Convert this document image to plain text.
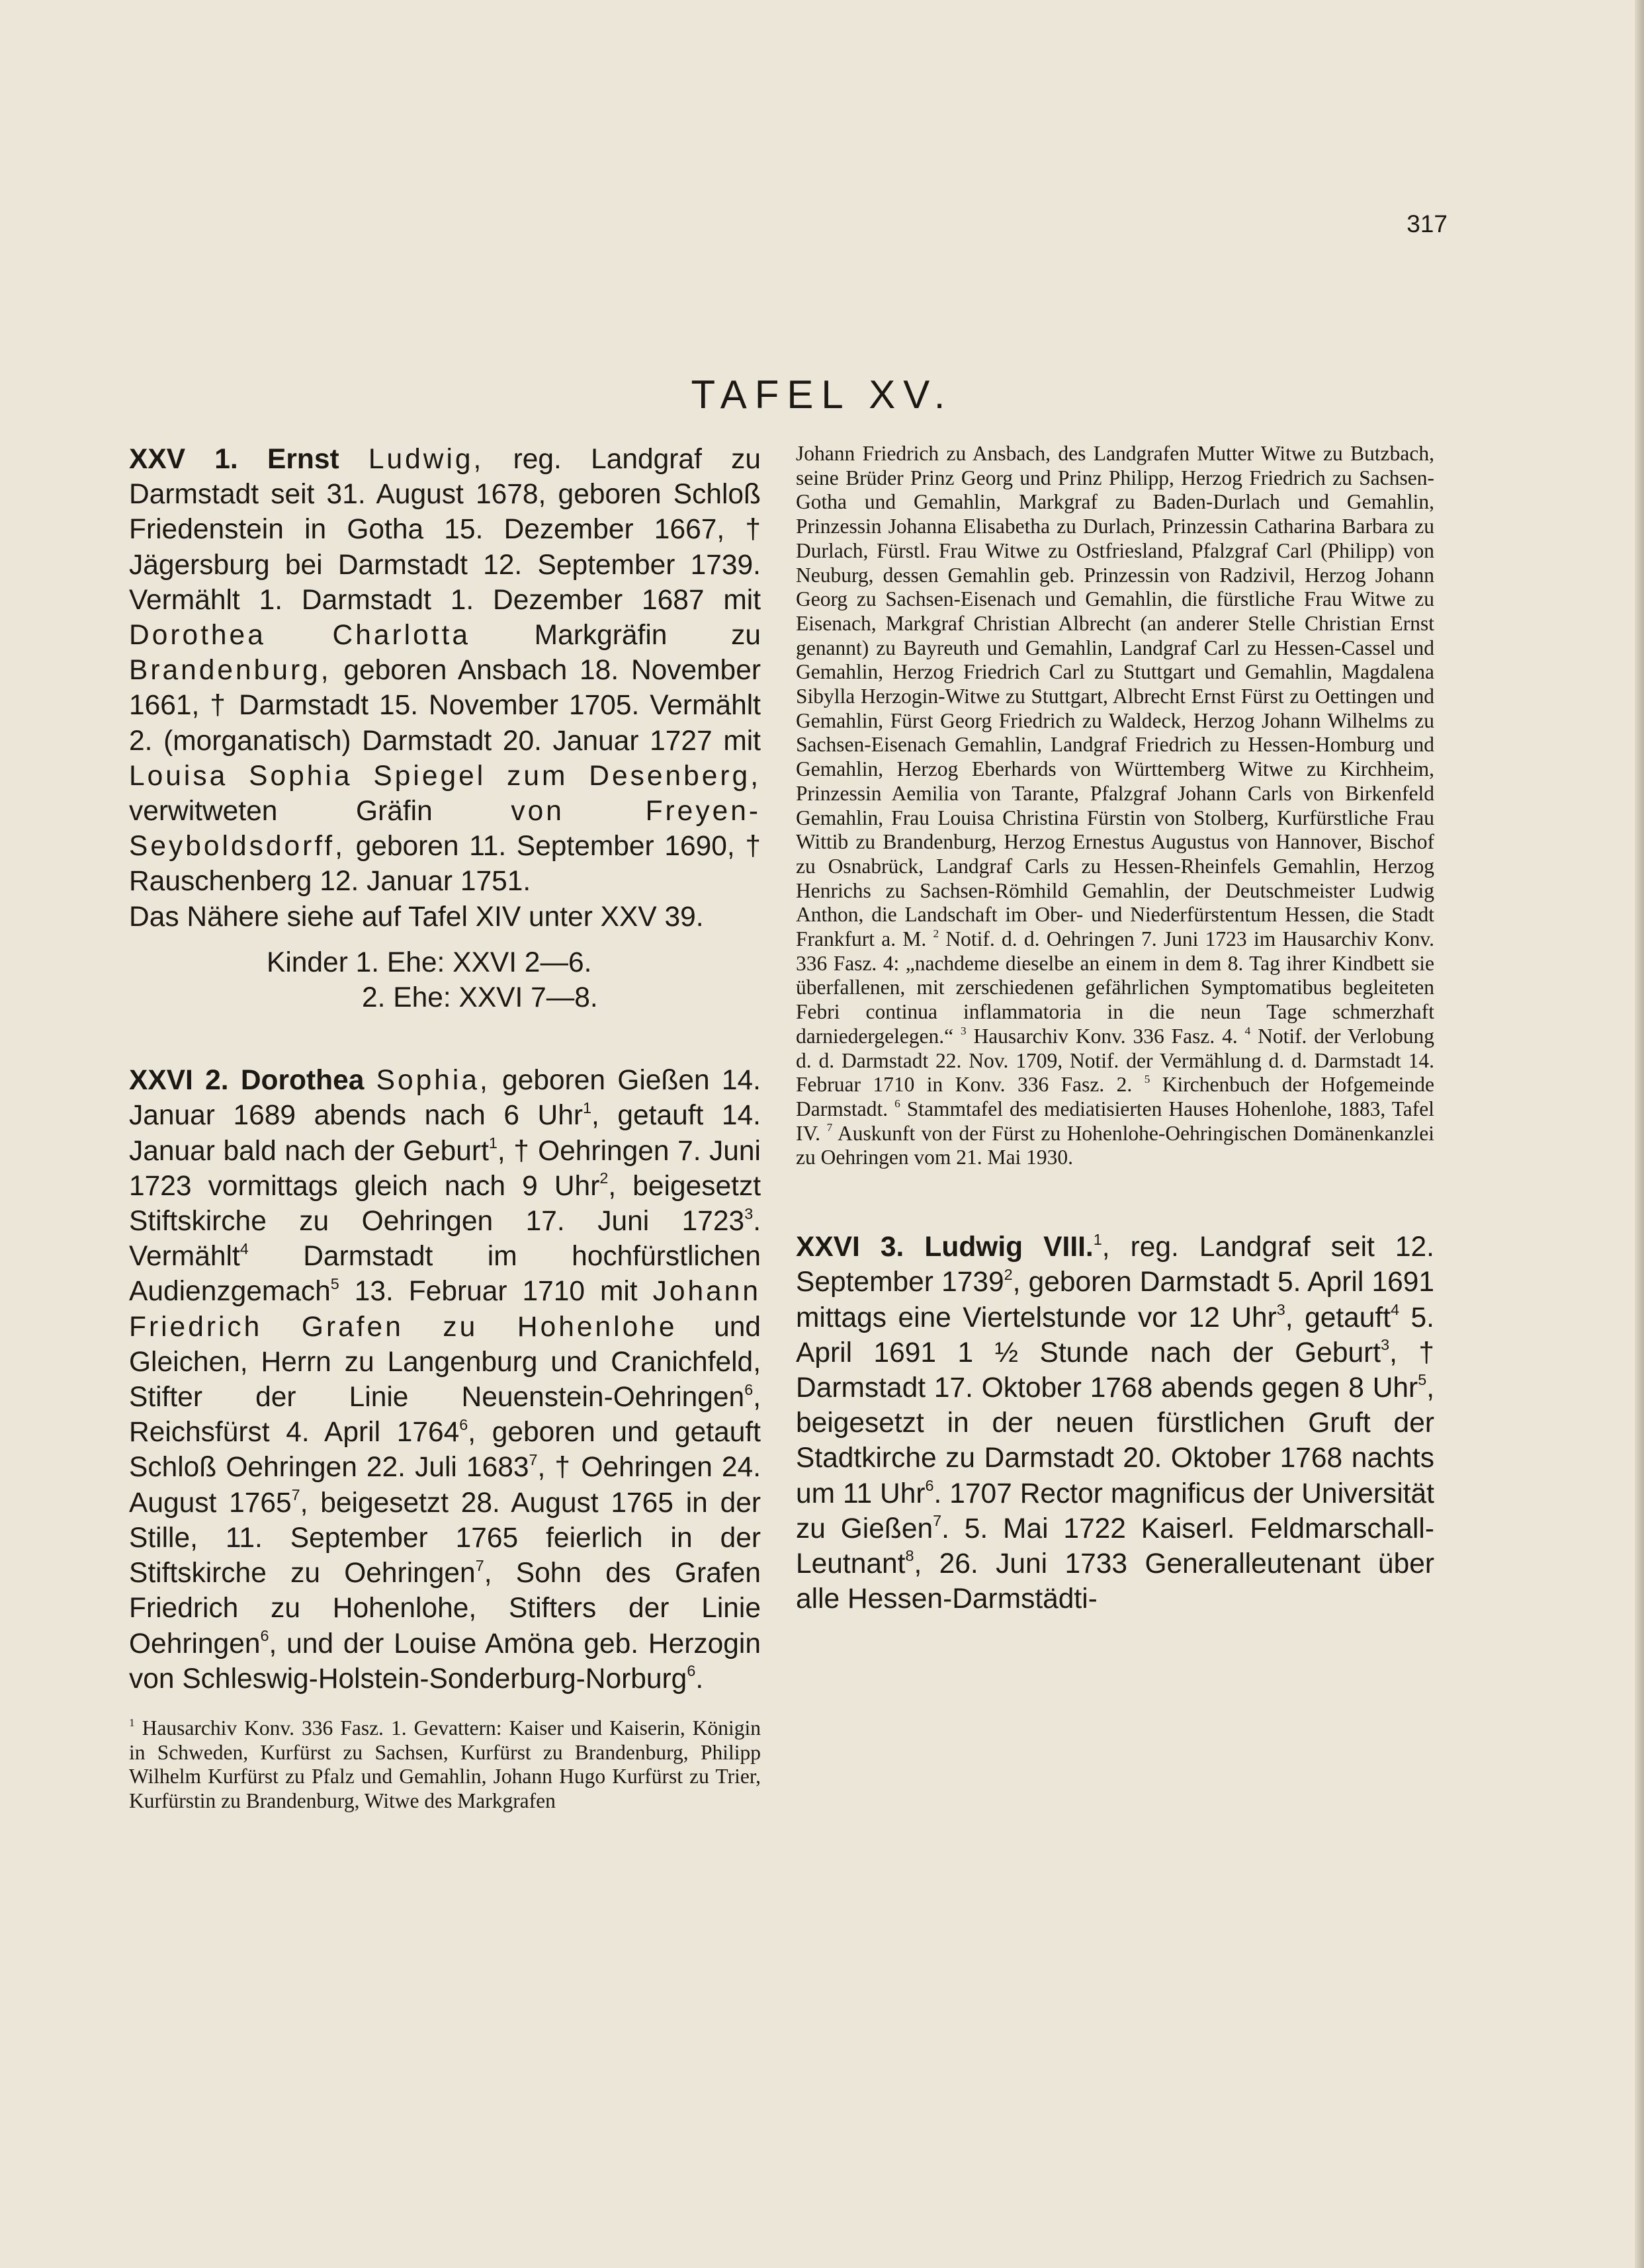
317
TAFEL XV.

XXV 1. Ernst Ludwig, reg. Landgraf zu Darmstadt seit 31. August 1678, geboren Schloß Friedenstein in Gotha 15. Dezember 1667, † Jägersburg bei Darmstadt 12. September 1739. Vermählt 1. Darmstadt 1. Dezember 1687 mit Dorothea Charlotta Markgräfin zu Brandenburg, geboren Ansbach 18. November 1661, † Darmstadt 15. November 1705. Vermählt 2. (morganatisch) Darmstadt 20. Januar 1727 mit Louisa Sophia Spiegel zum Desenberg, verwitweten Gräfin von Freyen-Seyboldsdorff, geboren 11. September 1690, † Rauschenberg 12. Januar 1751.

Das Nähere siehe auf Tafel XIV unter XXV 39.

Kinder 1. Ehe: XXVI 2—6.
2. Ehe: XXVI 7—8.

XXVI 2. Dorothea Sophia, geboren Gießen 14. Januar 1689 abends nach 6 Uhr$^1$, getauft 14. Januar bald nach der Geburt$^1$, † Oehringen 7. Juni 1723 vormittags gleich nach 9 Uhr$^2$, beigesetzt Stiftskirche zu Oehringen 17. Juni 1723$^3$. Vermählt$^4$ Darmstadt im hochfürstlichen Audienzgemach$^5$ 13. Februar 1710 mit Johann Friedrich Grafen zu Hohenlohe und Gleichen, Herrn zu Langenburg und Cranichfeld, Stifter der Linie Neuenstein-Oehringen$^6$, Reichsfürst 4. April 1764$^6$, geboren und getauft Schloß Oehringen 22. Juli 1683$^7$, † Oehringen 24. August 1765$^7$, beigesetzt 28. August 1765 in der Stille, 11. September 1765 feierlich in der Stiftskirche zu Oehringen$^7$, Sohn des Grafen Friedrich zu Hohenlohe, Stifters der Linie Oehringen$^6$, und der Louise Amöna geb. Herzogin von Schleswig-Holstein-Sonderburg-Norburg$^6$.

$^1$ Hausarchiv Konv. 336 Fasz. 1. Gevattern: Kaiser und Kaiserin, Königin in Schweden, Kurfürst zu Sachsen, Kurfürst zu Brandenburg, Philipp Wilhelm Kurfürst zu Pfalz und Gemahlin, Johann Hugo Kurfürst zu Trier, Kurfürstin zu Brandenburg, Witwe des Markgrafen

Johann Friedrich zu Ansbach, des Landgrafen Mutter Witwe zu Butzbach, seine Brüder Prinz Georg und Prinz Philipp, Herzog Friedrich zu Sachsen-Gotha und Gemahlin, Markgraf zu Baden-Durlach und Gemahlin, Prinzessin Johanna Elisabetha zu Durlach, Prinzessin Catharina Barbara zu Durlach, Fürstl. Frau Witwe zu Ostfriesland, Pfalzgraf Carl (Philipp) von Neuburg, dessen Gemahlin geb. Prinzessin von Radzivil, Herzog Johann Georg zu Sachsen-Eisenach und Gemahlin, die fürstliche Frau Witwe zu Eisenach, Markgraf Christian Albrecht (an anderer Stelle Christian Ernst genannt) zu Bayreuth und Gemahlin, Landgraf Carl zu Hessen-Cassel und Gemahlin, Herzog Friedrich Carl zu Stuttgart und Gemahlin, Magdalena Sibylla Herzogin-Witwe zu Stuttgart, Albrecht Ernst Fürst zu Oettingen und Gemahlin, Fürst Georg Friedrich zu Waldeck, Herzog Johann Wilhelms zu Sachsen-Eisenach Gemahlin, Landgraf Friedrich zu Hessen-Homburg und Gemahlin, Herzog Eberhards von Württemberg Witwe zu Kirchheim, Prinzessin Aemilia von Tarante, Pfalzgraf Johann Carls von Birkenfeld Gemahlin, Frau Louisa Christina Fürstin von Stolberg, Kurfürstliche Frau Wittib zu Brandenburg, Herzog Ernestus Augustus von Hannover, Bischof zu Osnabrück, Landgraf Carls zu Hessen-Rheinfels Gemahlin, Herzog Henrichs zu Sachsen-Römhild Gemahlin, der Deutschmeister Ludwig Anthon, die Landschaft im Ober- und Niederfürstentum Hessen, die Stadt Frankfurt a. M. $^2$ Notif. d. d. Oehringen 7. Juni 1723 im Hausarchiv Konv. 336 Fasz. 4: „nachdeme dieselbe an einem in dem 8. Tag ihrer Kindbett sie überfallenen, mit zerschiedenen gefährlichen Symptomatibus begleiteten Febri continua inflammatoria in die neun Tage schmerzhaft darniedergelegen.“ $^3$ Hausarchiv Konv. 336 Fasz. 4. $^4$ Notif. der Verlobung d. d. Darmstadt 22. Nov. 1709, Notif. der Vermählung d. d. Darmstadt 14. Februar 1710 in Konv. 336 Fasz. 2. $^5$ Kirchenbuch der Hofgemeinde Darmstadt. $^6$ Stammtafel des mediatisierten Hauses Hohenlohe, 1883, Tafel IV. $^7$ Auskunft von der Fürst zu Hohenlohe-Oehringischen Domänenkanzlei zu Oehringen vom 21. Mai 1930.

XXVI 3. Ludwig VIII.$^1$, reg. Landgraf seit 12. September 1739$^2$, geboren Darmstadt 5. April 1691 mittags eine Viertelstunde vor 12 Uhr$^3$, getauft$^4$ 5. April 1691 1 ½ Stunde nach der Geburt$^3$, † Darmstadt 17. Oktober 1768 abends gegen 8 Uhr$^5$, beigesetzt in der neuen fürstlichen Gruft der Stadtkirche zu Darmstadt 20. Oktober 1768 nachts um 11 Uhr$^6$. 1707 Rector magnificus der Universität zu Gießen$^7$. 5. Mai 1722 Kaiserl. Feldmarschall-Leutnant$^8$, 26. Juni 1733 Generalleutenant über alle Hessen-Darmstädti-
